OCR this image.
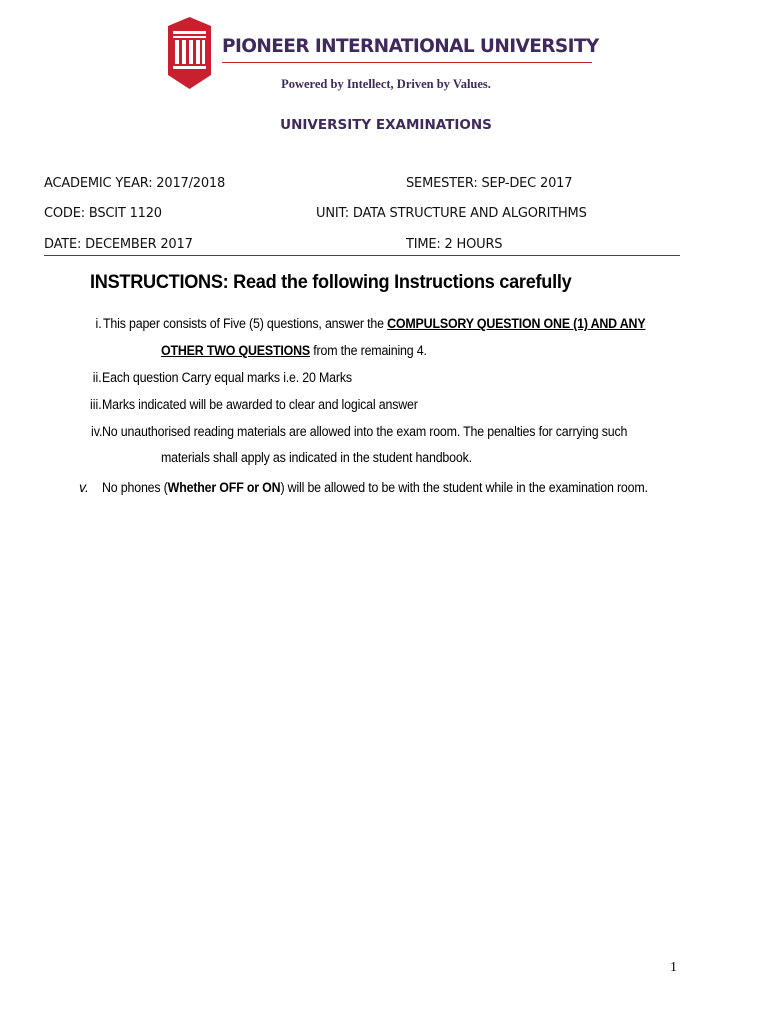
PIONEER INTERNATIONAL UNIVERSITY
Powered by Intellect, Driven by Values.
UNIVERSITY EXAMINATIONS
ACADEMIC YEAR: 2017/2018	SEMESTER: SEP-DEC 2017
CODE: BSCIT 1120	UNIT: DATA STRUCTURE AND ALGORITHMS
DATE: DECEMBER 2017	TIME: 2 HOURS
INSTRUCTIONS: Read the following Instructions carefully
i. This paper consists of Five (5) questions, answer the COMPULSORY QUESTION ONE (1) AND ANY
OTHER TWO QUESTIONS from the remaining 4.
ii. Each question Carry equal marks i.e. 20 Marks
iii. Marks indicated will be awarded to clear and logical answer
iv. No unauthorised reading materials are allowed into the exam room. The penalties for carrying such
materials shall apply as indicated in the student handbook.
v. No phones (Whether OFF or ON) will be allowed to be with the student while in the examination room.
1
